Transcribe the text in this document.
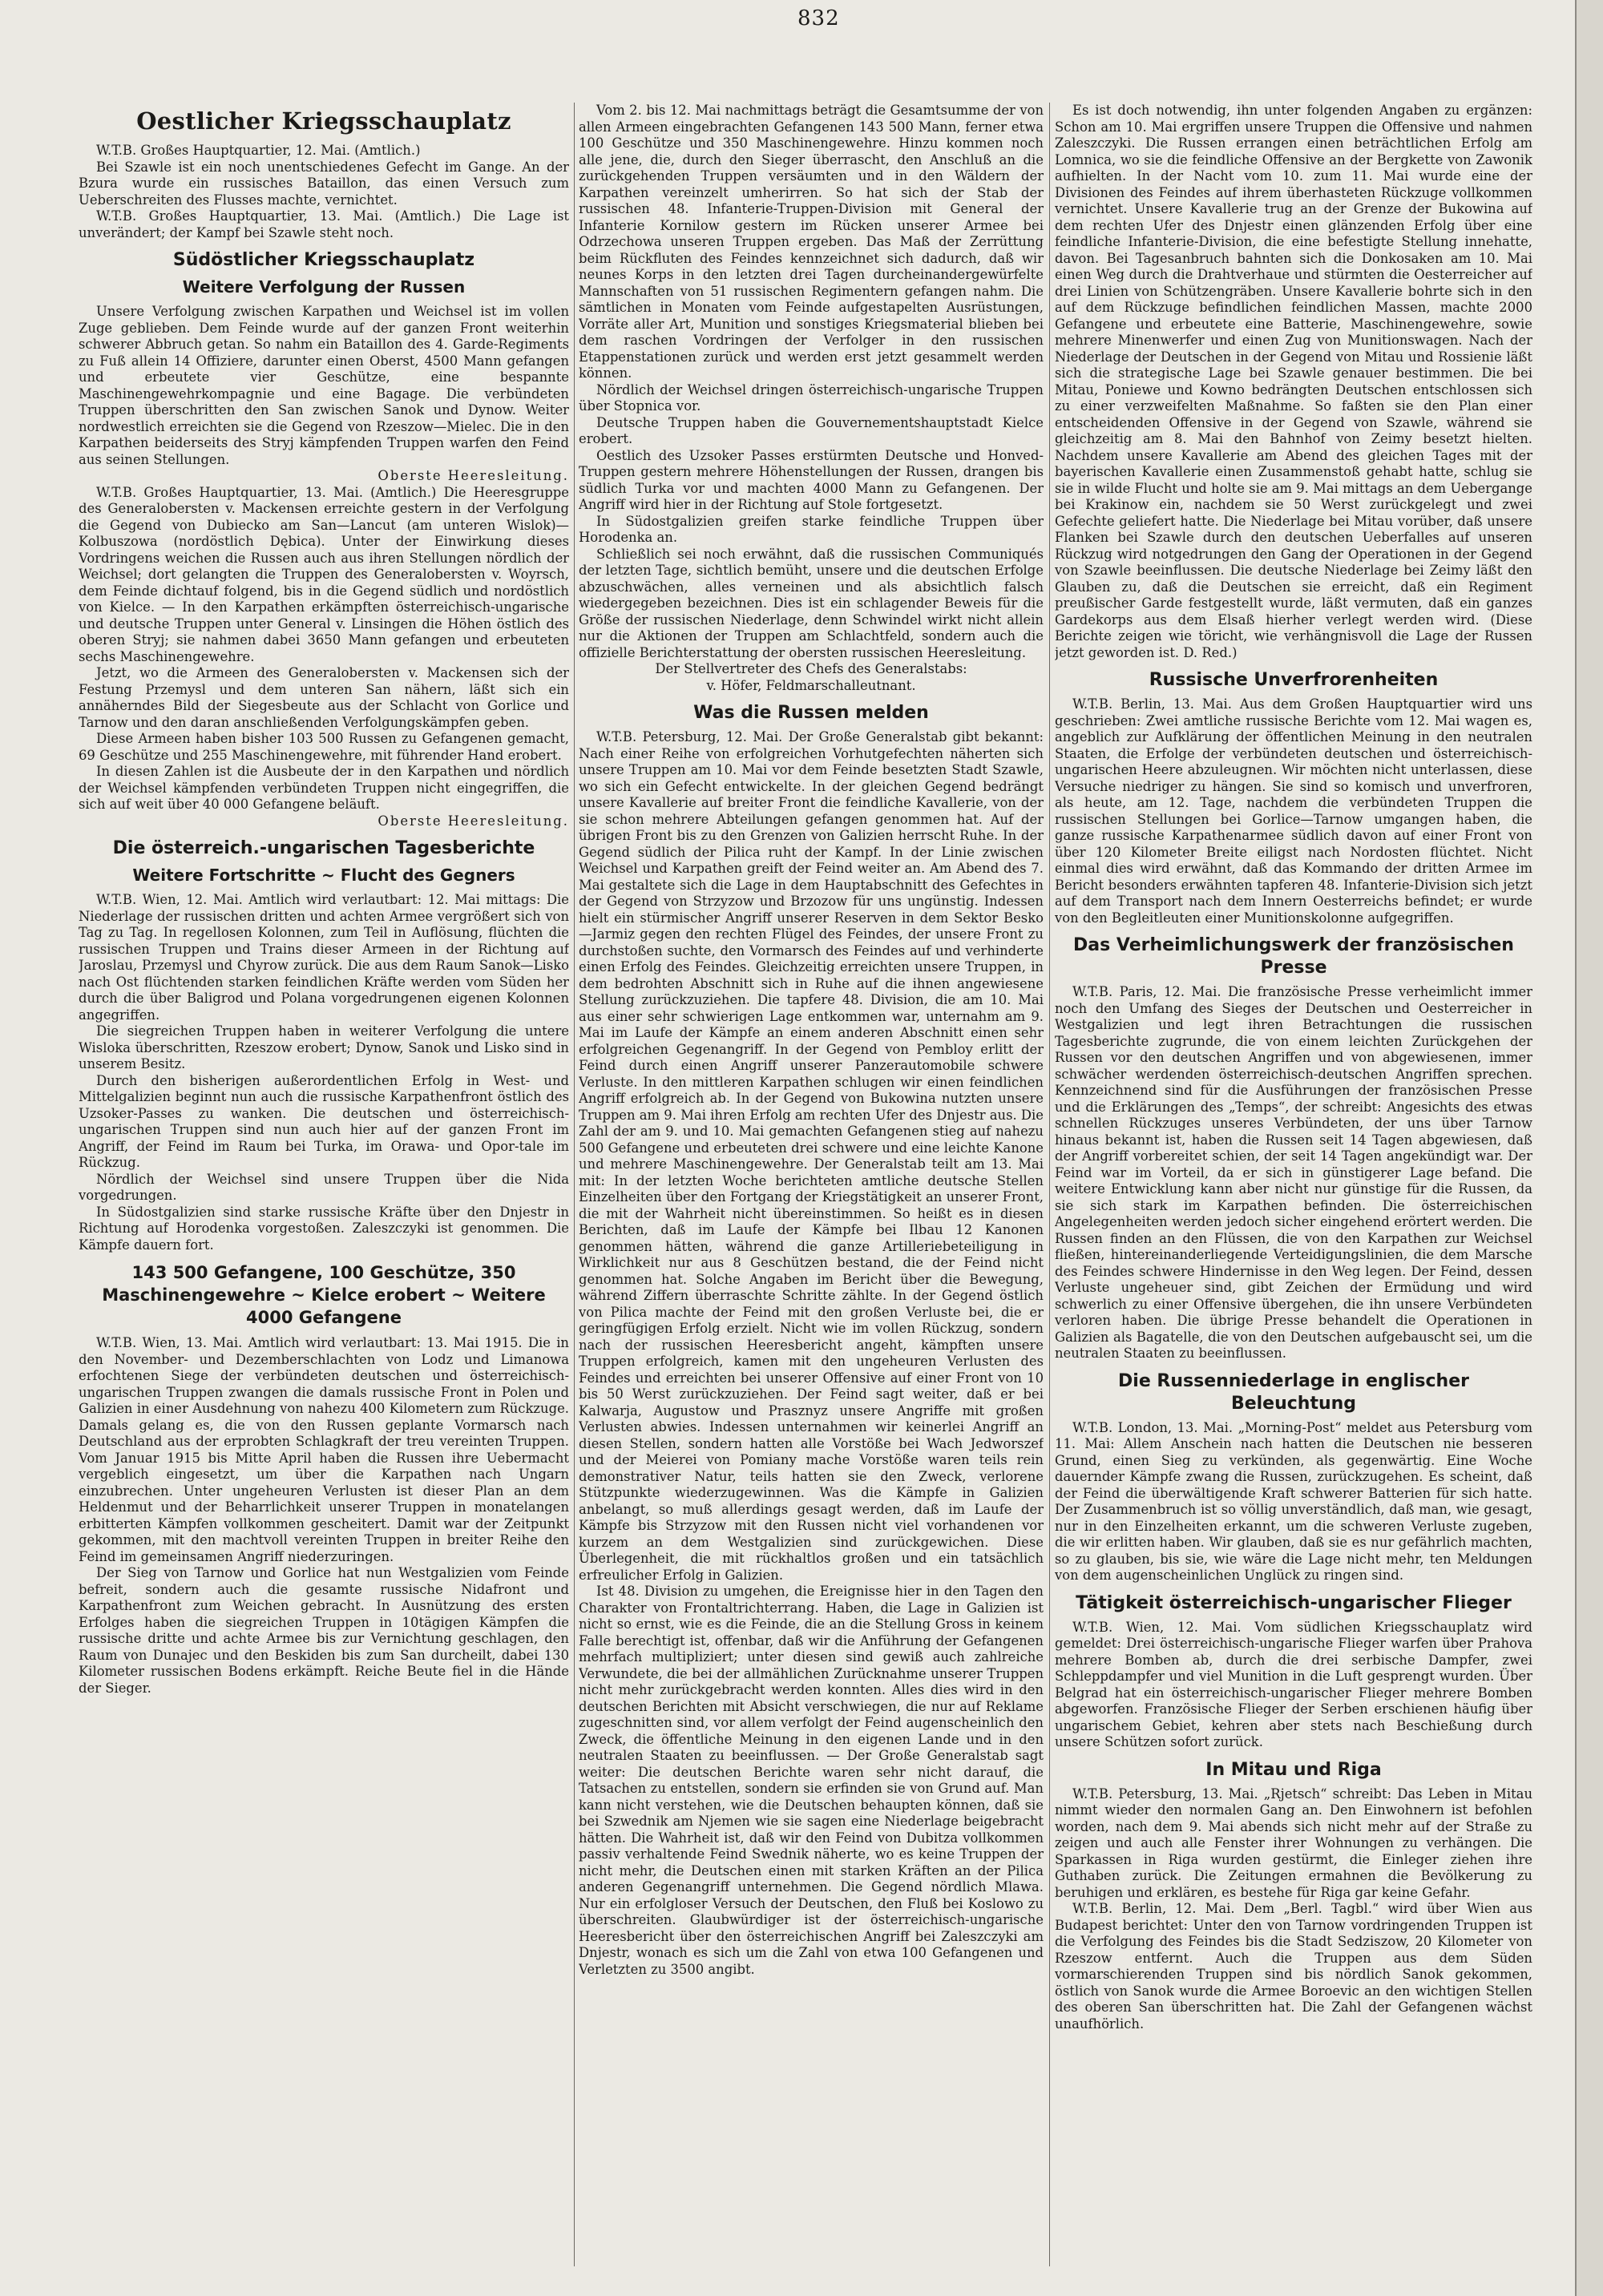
832
Oestlicher Kriegsschauplatz

W.T.B. Großes Hauptquartier, 12. Mai. (Amtlich.)

Bei Szawle ist ein noch unentschiedenes Gefecht im Gange. An der Bzura wurde ein russisches Bataillon, das einen Versuch zum Ueberschreiten des Flusses machte, vernichtet.

W.T.B. Großes Hauptquartier, 13. Mai. (Amtlich.) Die Lage ist unverändert; der Kampf bei Szawle steht noch.

Südöstlicher Kriegsschauplatz
Weitere Verfolgung der Russen

Unsere Verfolgung zwischen Karpathen und Weichsel ist im vollen Zuge geblieben. Dem Feinde wurde auf der ganzen Front weiterhin schwerer Abbruch getan. So nahm ein Bataillon des 4. Garde-Regiments zu Fuß allein 14 Offiziere, darunter einen Oberst, 4500 Mann gefangen und erbeutete vier Geschütze, eine bespannte Maschinengewehrkompagnie und eine Bagage. Die verbündeten Truppen überschritten den San zwischen Sanok und Dynow. Weiter nordwestlich erreichten sie die Gegend von Rzeszow—Mielec. Die in den Karpathen beiderseits des Stryj kämpfenden Truppen warfen den Feind aus seinen Stellungen.

Oberste Heeresleitung.

W.T.B. Großes Hauptquartier, 13. Mai. (Amtlich.) Die Heeresgruppe des Generalobersten v. Mackensen erreichte gestern in der Verfolgung die Gegend von Dubiecko am San—Lancut (am unteren Wislok)—Kolbuszowa (nordöstlich Dębica). Unter der Einwirkung dieses Vordringens weichen die Russen auch aus ihren Stellungen nördlich der Weichsel; dort gelangten die Truppen des Generalobersten v. Woyrsch, dem Feinde dichtauf folgend, bis in die Gegend südlich und nordöstlich von Kielce. — In den Karpathen erkämpften österreichisch-ungarische und deutsche Truppen unter General v. Linsingen die Höhen östlich des oberen Stryj; sie nahmen dabei 3650 Mann gefangen und erbeuteten sechs Maschinengewehre.

Jetzt, wo die Armeen des Generalobersten v. Mackensen sich der Festung Przemysl und dem unteren San nähern, läßt sich ein annäherndes Bild der Siegesbeute aus der Schlacht von Gorlice und Tarnow und den daran anschließenden Verfolgungskämpfen geben.

Diese Armeen haben bisher 103 500 Russen zu Gefangenen gemacht, 69 Geschütze und 255 Maschinengewehre, mit führender Hand erobert.

In diesen Zahlen ist die Ausbeute der in den Karpathen und nördlich der Weichsel kämpfenden verbündeten Truppen nicht eingegriffen, die sich auf weit über 40 000 Gefangene beläuft.

Oberste Heeresleitung.

Die österreich.-ungarischen Tagesberichte
Weitere Fortschritte ~ Flucht des Gegners

W.T.B. Wien, 12. Mai. Amtlich wird verlautbart: 12. Mai mittags: Die Niederlage der russischen dritten und achten Armee vergrößert sich von Tag zu Tag. In regellosen Kolonnen, zum Teil in Auflösung, flüchten die russischen Truppen und Trains dieser Armeen in der Richtung auf Jaroslau, Przemysl und Chyrow zurück. Die aus dem Raum Sanok—Lisko nach Ost flüchtenden starken feindlichen Kräfte werden vom Süden her durch die über Baligrod und Polana vorgedrungenen eigenen Kolonnen angegriffen.

Die siegreichen Truppen haben in weiterer Verfolgung die untere Wisloka überschritten, Rzeszow erobert; Dynow, Sanok und Lisko sind in unserem Besitz.

Durch den bisherigen außerordentlichen Erfolg in West- und Mittelgalizien beginnt nun auch die russische Karpathenfront östlich des Uzsoker-Passes zu wanken. Die deutschen und österreichisch-ungarischen Truppen sind nun auch hier auf der ganzen Front im Angriff, der Feind im Raum bei Turka, im Orawa- und Opor-tale im Rückzug.

Nördlich der Weichsel sind unsere Truppen über die Nida vorgedrungen.

In Südostgalizien sind starke russische Kräfte über den Dnjestr in Richtung auf Horodenka vorgestoßen. Zaleszczyki ist genommen. Die Kämpfe dauern fort.

143 500 Gefangene, 100 Geschütze, 350 Maschinengewehre ~ Kielce erobert ~ Weitere 4000 Gefangene

W.T.B. Wien, 13. Mai. Amtlich wird verlautbart: 13. Mai 1915. Die in den November- und Dezemberschlachten von Lodz und Limanowa erfochtenen Siege der verbündeten deutschen und österreichisch-ungarischen Truppen zwangen die damals russische Front in Polen und Galizien in einer Ausdehnung von nahezu 400 Kilometern zum Rückzuge. Damals gelang es, die von den Russen geplante Vormarsch nach Deutschland aus der erprobten Schlagkraft der treu vereinten Truppen. Vom Januar 1915 bis Mitte April haben die Russen ihre Uebermacht vergeblich eingesetzt, um über die Karpathen nach Ungarn einzubrechen. Unter ungeheuren Verlusten ist dieser Plan an dem Heldenmut und der Beharrlichkeit unserer Truppen in monatelangen erbitterten Kämpfen vollkommen gescheitert. Damit war der Zeitpunkt gekommen, mit den machtvoll vereinten Truppen in breiter Reihe den Feind im gemeinsamen Angriff niederzuringen.

Der Sieg von Tarnow und Gorlice hat nun Westgalizien vom Feinde befreit, sondern auch die gesamte russische Nidafront und Karpathenfront zum Weichen gebracht. In Ausnützung des ersten Erfolges haben die siegreichen Truppen in 10tägigen Kämpfen die russische dritte und achte Armee bis zur Vernichtung geschlagen, den Raum von Dunajec und den Beskiden bis zum San durcheilt, dabei 130 Kilometer russischen Bodens erkämpft. Reiche Beute fiel in die Hände der Sieger.

Vom 2. bis 12. Mai nachmittags beträgt die Gesamtsumme der von allen Armeen eingebrachten Gefangenen 143 500 Mann, ferner etwa 100 Geschütze und 350 Maschinengewehre. Hinzu kommen noch alle jene, die, durch den Sieger überrascht, den Anschluß an die zurückgehenden Truppen versäumten und in den Wäldern der Karpathen vereinzelt umherirren. So hat sich der Stab der russischen 48. Infanterie-Truppen-Division mit General der Infanterie Kornilow gestern im Rücken unserer Armee bei Odrzechowa unseren Truppen ergeben. Das Maß der Zerrüttung beim Rückfluten des Feindes kennzeichnet sich dadurch, daß wir neunes Korps in den letzten drei Tagen durcheinandergewürfelte Mannschaften von 51 russischen Regimentern gefangen nahm. Die sämtlichen in Monaten vom Feinde aufgestapelten Ausrüstungen, Vorräte aller Art, Munition und sonstiges Kriegsmaterial blieben bei dem raschen Vordringen der Verfolger in den russischen Etappenstationen zurück und werden erst jetzt gesammelt werden können.

Nördlich der Weichsel dringen österreichisch-ungarische Truppen über Stopnica vor.

Deutsche Truppen haben die Gouvernementshauptstadt Kielce erobert.

Oestlich des Uzsoker Passes erstürmten Deutsche und Honved-Truppen gestern mehrere Höhenstellungen der Russen, drangen bis südlich Turka vor und machten 4000 Mann zu Gefangenen. Der Angriff wird hier in der Richtung auf Stole fortgesetzt.

In Südostgalizien greifen starke feindliche Truppen über Horodenka an.

Schließlich sei noch erwähnt, daß die russischen Communiqués der letzten Tage, sichtlich bemüht, unsere und die deutschen Erfolge abzuschwächen, alles verneinen und als absichtlich falsch wiedergegeben bezeichnen. Dies ist ein schlagender Beweis für die Größe der russischen Niederlage, denn Schwindel wirkt nicht allein nur die Aktionen der Truppen am Schlachtfeld, sondern auch die offizielle Berichterstattung der obersten russischen Heeresleitung.

Der Stellvertreter des Chefs des Generalstabs:

v. Höfer, Feldmarschalleutnant.

Was die Russen melden

W.T.B. Petersburg, 12. Mai. Der Große Generalstab gibt bekannt: Nach einer Reihe von erfolgreichen Vorhutgefechten näherten sich unsere Truppen am 10. Mai vor dem Feinde besetzten Stadt Szawle, wo sich ein Gefecht entwickelte. In der gleichen Gegend bedrängt unsere Kavallerie auf breiter Front die feindliche Kavallerie, von der sie schon mehrere Abteilungen gefangen genommen hat. Auf der übrigen Front bis zu den Grenzen von Galizien herrscht Ruhe. In der Gegend südlich der Pilica ruht der Kampf. In der Linie zwischen Weichsel und Karpathen greift der Feind weiter an. Am Abend des 7. Mai gestaltete sich die Lage in dem Hauptabschnitt des Gefechtes in der Gegend von Strzyzow und Brzozow für uns ungünstig. Indessen hielt ein stürmischer Angriff unserer Reserven in dem Sektor Besko—Jarmiz gegen den rechten Flügel des Feindes, der unsere Front zu durchstoßen suchte, den Vormarsch des Feindes auf und verhinderte einen Erfolg des Feindes. Gleichzeitig erreichten unsere Truppen, in dem bedrohten Abschnitt sich in Ruhe auf die ihnen angewiesene Stellung zurückzuziehen. Die tapfere 48. Division, die am 10. Mai aus einer sehr schwierigen Lage entkommen war, unternahm am 9. Mai im Laufe der Kämpfe an einem anderen Abschnitt einen sehr erfolgreichen Gegenangriff. In der Gegend von Pembloy erlitt der Feind durch einen Angriff unserer Panzerautomobile schwere Verluste. In den mittleren Karpathen schlugen wir einen feindlichen Angriff erfolgreich ab. In der Gegend von Bukowina nutzten unsere Truppen am 9. Mai ihren Erfolg am rechten Ufer des Dnjestr aus. Die Zahl der am 9. und 10. Mai gemachten Gefangenen stieg auf nahezu 500 Gefangene und erbeuteten drei schwere und eine leichte Kanone und mehrere Maschinengewehre. Der Generalstab teilt am 13. Mai mit: In der letzten Woche berichteten amtliche deutsche Stellen Einzelheiten über den Fortgang der Kriegstätigkeit an unserer Front, die mit der Wahrheit nicht übereinstimmen. So heißt es in diesen Berichten, daß im Laufe der Kämpfe bei Ilbau 12 Kanonen genommen hätten, während die ganze Artilleriebeteiligung in Wirklichkeit nur aus 8 Geschützen bestand, die der Feind nicht genommen hat. Solche Angaben im Bericht über die Bewegung, während Ziffern überraschte Schritte zählte. In der Gegend östlich von Pilica machte der Feind mit den großen Verluste bei, die er geringfügigen Erfolg erzielt. Nicht wie im vollen Rückzug, sondern nach der russischen Heeresbericht angeht, kämpften unsere Truppen erfolgreich, kamen mit den ungeheuren Verlusten des Feindes und erreichten bei unserer Offensive auf einer Front von 10 bis 50 Werst zurückzuziehen. Der Feind sagt weiter, daß er bei Kalwarja, Augustow und Prasznyz unsere Angriffe mit großen Verlusten abwies. Indessen unternahmen wir keinerlei Angriff an diesen Stellen, sondern hatten alle Vorstöße bei Wach Jedworszef und der Meierei von Pomiany mache Vorstöße waren teils rein demonstrativer Natur, teils hatten sie den Zweck, verlorene Stützpunkte wiederzugewinnen. Was die Kämpfe in Galizien anbelangt, so muß allerdings gesagt werden, daß im Laufe der Kämpfe bis Strzyzow mit den Russen nicht viel vorhandenen vor kurzem an dem Westgalizien sind zurückgewichen. Diese Überlegenheit, die mit rückhaltlos großen und ein tatsächlich erfreulicher Erfolg in Galizien.

Ist 48. Division zu umgehen, die Ereignisse hier in den Tagen den Charakter von Frontaltrichterrang. Haben, die Lage in Galizien ist nicht so ernst, wie es die Feinde, die an die Stellung Gross in keinem Falle berechtigt ist, offenbar, daß wir die Anführung der Gefangenen mehrfach multipliziert; unter diesen sind gewiß auch zahlreiche Verwundete, die bei der allmählichen Zurücknahme unserer Truppen nicht mehr zurückgebracht werden konnten. Alles dies wird in den deutschen Berichten mit Absicht verschwiegen, die nur auf Reklame zugeschnitten sind, vor allem verfolgt der Feind augenscheinlich den Zweck, die öffentliche Meinung in den eigenen Lande und in den neutralen Staaten zu beeinflussen. — Der Große Generalstab sagt weiter: Die deutschen Berichte waren sehr nicht darauf, die Tatsachen zu entstellen, sondern sie erfinden sie von Grund auf. Man kann nicht verstehen, wie die Deutschen behaupten können, daß sie bei Szwednik am Njemen wie sie sagen eine Niederlage beigebracht hätten. Die Wahrheit ist, daß wir den Feind von Dubitza vollkommen passiv verhaltende Feind Swednik näherte, wo es keine Truppen der nicht mehr, die Deutschen einen mit starken Kräften an der Pilica anderen Gegenangriff unternehmen. Die Gegend nördlich Mlawa. Nur ein erfolgloser Versuch der Deutschen, den Fluß bei Koslowo zu überschreiten. Glaubwürdiger ist der österreichisch-ungarische Heeresbericht über den österreichischen Angriff bei Zaleszczyki am Dnjestr, wonach es sich um die Zahl von etwa 100 Gefangenen und Verletzten zu 3500 angibt.

Es ist doch notwendig, ihn unter folgenden Angaben zu ergänzen: Schon am 10. Mai ergriffen unsere Truppen die Offensive und nahmen Zaleszczyki. Die Russen errangen einen beträchtlichen Erfolg am Lomnica, wo sie die feindliche Offensive an der Bergkette von Zawonik aufhielten. In der Nacht vom 10. zum 11. Mai wurde eine der Divisionen des Feindes auf ihrem überhasteten Rückzuge vollkommen vernichtet. Unsere Kavallerie trug an der Grenze der Bukowina auf dem rechten Ufer des Dnjestr einen glänzenden Erfolg über eine feindliche Infanterie-Division, die eine befestigte Stellung innehatte, davon. Bei Tagesanbruch bahnten sich die Donkosaken am 10. Mai einen Weg durch die Drahtverhaue und stürmten die Oesterreicher auf drei Linien von Schützengräben. Unsere Kavallerie bohrte sich in den auf dem Rückzuge befindlichen feindlichen Massen, machte 2000 Gefangene und erbeutete eine Batterie, Maschinengewehre, sowie mehrere Minenwerfer und einen Zug von Munitionswagen. Nach der Niederlage der Deutschen in der Gegend von Mitau und Rossienie läßt sich die strategische Lage bei Szawle genauer bestimmen. Die bei Mitau, Poniewe und Kowno bedrängten Deutschen entschlossen sich zu einer verzweifelten Maßnahme. So faßten sie den Plan einer entscheidenden Offensive in der Gegend von Szawle, während sie gleichzeitig am 8. Mai den Bahnhof von Zeimy besetzt hielten. Nachdem unsere Kavallerie am Abend des gleichen Tages mit der bayerischen Kavallerie einen Zusammenstoß gehabt hatte, schlug sie sie in wilde Flucht und holte sie am 9. Mai mittags an dem Uebergange bei Krakinow ein, nachdem sie 50 Werst zurückgelegt und zwei Gefechte geliefert hatte. Die Niederlage bei Mitau vorüber, daß unsere Flanken bei Szawle durch den deutschen Ueberfalles auf unseren Rückzug wird notgedrungen den Gang der Operationen in der Gegend von Szawle beeinflussen. Die deutsche Niederlage bei Zeimy läßt den Glauben zu, daß die Deutschen sie erreicht, daß ein Regiment preußischer Garde festgestellt wurde, läßt vermuten, daß ein ganzes Gardekorps aus dem Elsaß hierher verlegt werden wird. (Diese Berichte zeigen wie töricht, wie verhängnisvoll die Lage der Russen jetzt geworden ist. D. Red.)

Russische Unverfrorenheiten

W.T.B. Berlin, 13. Mai. Aus dem Großen Hauptquartier wird uns geschrieben: Zwei amtliche russische Berichte vom 12. Mai wagen es, angeblich zur Aufklärung der öffentlichen Meinung in den neutralen Staaten, die Erfolge der verbündeten deutschen und österreichisch-ungarischen Heere abzuleugnen. Wir möchten nicht unterlassen, diese Versuche niedriger zu hängen. Sie sind so komisch und unverfroren, als heute, am 12. Tage, nachdem die verbündeten Truppen die russischen Stellungen bei Gorlice—Tarnow umgangen haben, die ganze russische Karpathenarmee südlich davon auf einer Front von über 120 Kilometer Breite eiligst nach Nordosten flüchtet. Nicht einmal dies wird erwähnt, daß das Kommando der dritten Armee im Bericht besonders erwähnten tapferen 48. Infanterie-Division sich jetzt auf dem Transport nach dem Innern Oesterreichs befindet; er wurde von den Begleitleuten einer Munitionskolonne aufgegriffen.

Das Verheimlichungswerk der französischen Presse

W.T.B. Paris, 12. Mai. Die französische Presse verheimlicht immer noch den Umfang des Sieges der Deutschen und Oesterreicher in Westgalizien und legt ihren Betrachtungen die russischen Tagesberichte zugrunde, die von einem leichten Zurückgehen der Russen vor den deutschen Angriffen und von abgewiesenen, immer schwächer werdenden österreichisch-deutschen Angriffen sprechen. Kennzeichnend sind für die Ausführungen der französischen Presse und die Erklärungen des „Temps“, der schreibt: Angesichts des etwas schnellen Rückzuges unseres Verbündeten, der uns über Tarnow hinaus bekannt ist, haben die Russen seit 14 Tagen abgewiesen, daß der Angriff vorbereitet schien, der seit 14 Tagen angekündigt war. Der Feind war im Vorteil, da er sich in günstigerer Lage befand. Die weitere Entwicklung kann aber nicht nur günstige für die Russen, da sie sich stark im Karpathen befinden. Die österreichischen Angelegenheiten werden jedoch sicher eingehend erörtert werden. Die Russen finden an den Flüssen, die von den Karpathen zur Weichsel fließen, hintereinanderliegende Verteidigungslinien, die dem Marsche des Feindes schwere Hindernisse in den Weg legen. Der Feind, dessen Verluste ungeheuer sind, gibt Zeichen der Ermüdung und wird schwerlich zu einer Offensive übergehen, die ihn unsere Verbündeten verloren haben. Die übrige Presse behandelt die Operationen in Galizien als Bagatelle, die von den Deutschen aufgebauscht sei, um die neutralen Staaten zu beeinflussen.

Die Russenniederlage in englischer Beleuchtung

W.T.B. London, 13. Mai. „Morning-Post“ meldet aus Petersburg vom 11. Mai: Allem Anschein nach hatten die Deutschen nie besseren Grund, einen Sieg zu verkünden, als gegenwärtig. Eine Woche dauernder Kämpfe zwang die Russen, zurückzugehen. Es scheint, daß der Feind die überwältigende Kraft schwerer Batterien für sich hatte. Der Zusammenbruch ist so völlig unverständlich, daß man, wie gesagt, nur in den Einzelheiten erkannt, um die schweren Verluste zugeben, die wir erlitten haben. Wir glauben, daß sie es nur gefährlich machten, so zu glauben, bis sie, wie wäre die Lage nicht mehr, ten Meldungen von dem augenscheinlichen Unglück zu ringen sind.

Tätigkeit österreichisch-ungarischer Flieger

W.T.B. Wien, 12. Mai. Vom südlichen Kriegsschauplatz wird gemeldet: Drei österreichisch-ungarische Flieger warfen über Prahova mehrere Bomben ab, durch die drei serbische Dampfer, zwei Schleppdampfer und viel Munition in die Luft gesprengt wurden. Über Belgrad hat ein österreichisch-ungarischer Flieger mehrere Bomben abgeworfen. Französische Flieger der Serben erschienen häufig über ungarischem Gebiet, kehren aber stets nach Beschießung durch unsere Schützen sofort zurück.

In Mitau und Riga

W.T.B. Petersburg, 13. Mai. „Rjetsch“ schreibt: Das Leben in Mitau nimmt wieder den normalen Gang an. Den Einwohnern ist befohlen worden, nach dem 9. Mai abends sich nicht mehr auf der Straße zu zeigen und auch alle Fenster ihrer Wohnungen zu verhängen. Die Sparkassen in Riga wurden gestürmt, die Einleger ziehen ihre Guthaben zurück. Die Zeitungen ermahnen die Bevölkerung zu beruhigen und erklären, es bestehe für Riga gar keine Gefahr.

W.T.B. Berlin, 12. Mai. Dem „Berl. Tagbl.“ wird über Wien aus Budapest berichtet: Unter den von Tarnow vordringenden Truppen ist die Verfolgung des Feindes bis die Stadt Sedziszow, 20 Kilometer von Rzeszow entfernt. Auch die Truppen aus dem Süden vormarschierenden Truppen sind bis nördlich Sanok gekommen, östlich von Sanok wurde die Armee Boroevic an den wichtigen Stellen des oberen San überschritten hat. Die Zahl der Gefangenen wächst unaufhörlich.
